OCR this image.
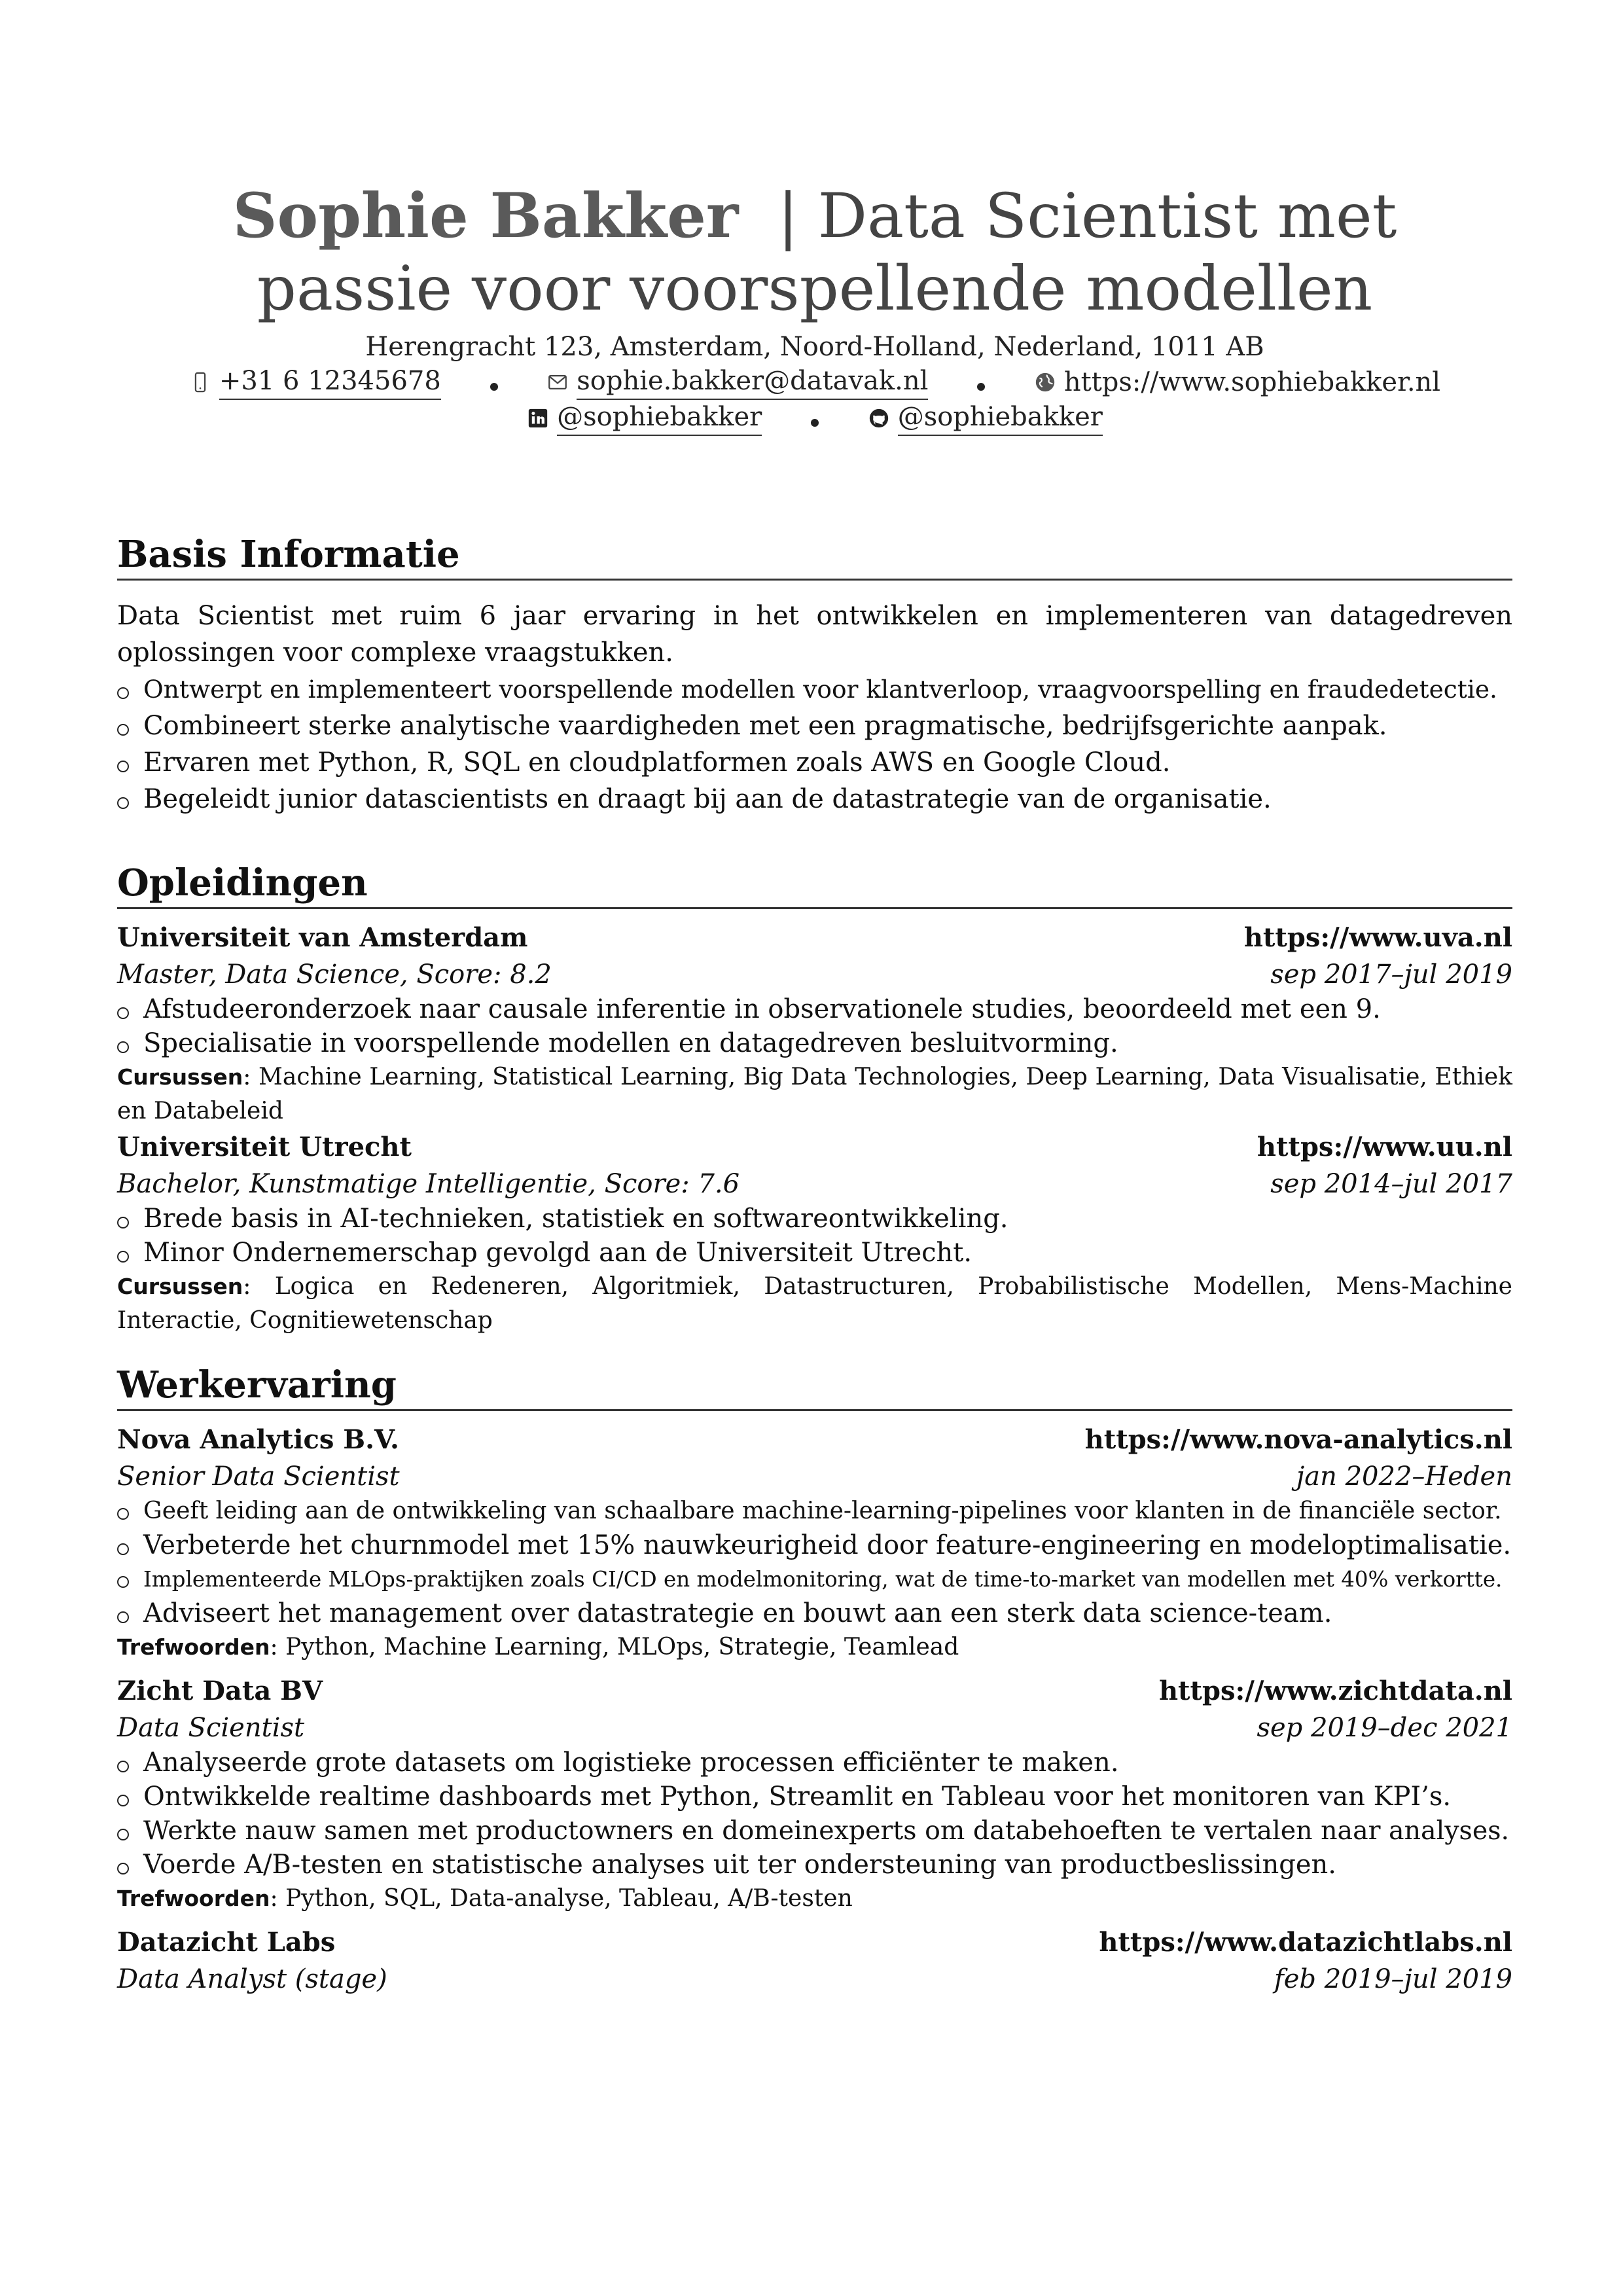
Sophie Bakker | Data Scientist met
passie voor voorspellende modellen
Herengracht 123, Amsterdam, Noord-Holland, Nederland, 1011 AB
+31 6 12345678
	sophie.bakker@datavak.nl
	https://www.sophiebakker.nl
@sophiebakker
	@sophiebakker
Basis Informatie
Data Scientist met ruim 6 jaar ervaring in het ontwikkelen en implementeren van datagedreven oplossingen voor complexe vraagstukken.
Ontwerpt en implementeert voorspellende modellen voor klantverloop, vraagvoorspelling en fraudedetectie.
Combineert sterke analytische vaardigheden met een pragmatische, bedrijfsgerichte aanpak.
Ervaren met Python, R, SQL en cloudplatformen zoals AWS en Google Cloud.
Begeleidt junior datascientists en draagt bij aan de datastrategie van de organisatie.
Opleidingen
Universiteit van Amsterdam	https://www.uva.nl
Master, Data Science, Score: 8.2	sep 2017–jul 2019
Afstudeeronderzoek naar causale inferentie in observationele studies, beoordeeld met een 9.
Specialisatie in voorspellende modellen en datagedreven besluitvorming.
Cursussen: Machine Learning, Statistical Learning, Big Data Technologies, Deep Learning, Data Visualisatie, Ethiek en Databeleid
Universiteit Utrecht	https://www.uu.nl
Bachelor, Kunstmatige Intelligentie, Score: 7.6	sep 2014–jul 2017
Brede basis in AI-technieken, statistiek en softwareontwikkeling.
Minor Ondernemerschap gevolgd aan de Universiteit Utrecht.
Cursussen: Logica en Redeneren, Algoritmiek, Datastructuren, Probabilistische Modellen, Mens-Machine Interactie, Cognitiewetenschap
Werkervaring
Nova Analytics B.V.	https://www.nova-analytics.nl
Senior Data Scientist	jan 2022–Heden
Geeft leiding aan de ontwikkeling van schaalbare machine-learning-pipelines voor klanten in de financiële sector.
Verbeterde het churnmodel met 15% nauwkeurigheid door feature-engineering en modeloptimalisatie.
Implementeerde MLOps-praktijken zoals CI/CD en modelmonitoring, wat de time-to-market van modellen met 40% verkortte.
Adviseert het management over datastrategie en bouwt aan een sterk data science-team.
Trefwoorden: Python, Machine Learning, MLOps, Strategie, Teamlead
Zicht Data BV	https://www.zichtdata.nl
Data Scientist	sep 2019–dec 2021
Analyseerde grote datasets om logistieke processen efficiënter te maken.
Ontwikkelde realtime dashboards met Python, Streamlit en Tableau voor het monitoren van KPI’s.
Werkte nauw samen met productowners en domeinexperts om databehoeften te vertalen naar analyses.
Voerde A/B-testen en statistische analyses uit ter ondersteuning van productbeslissingen.
Trefwoorden: Python, SQL, Data-analyse, Tableau, A/B-testen
Datazicht Labs	https://www.datazichtlabs.nl
Data Analyst (stage)	feb 2019–jul 2019
